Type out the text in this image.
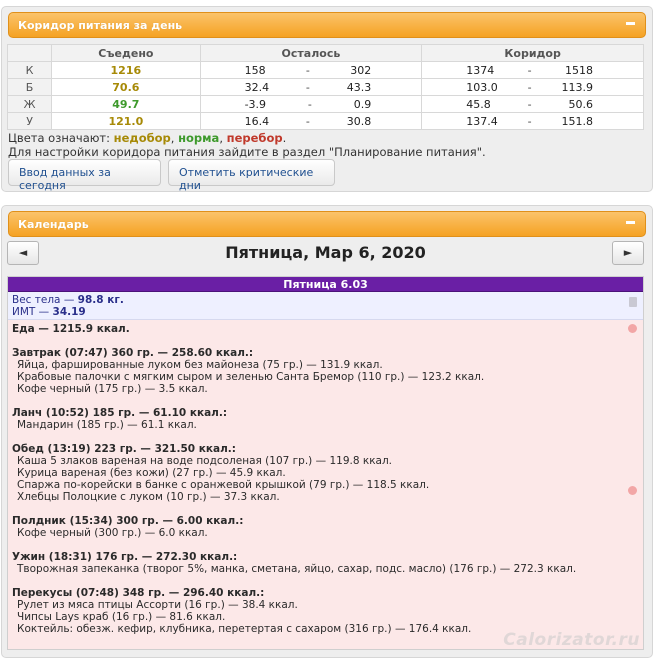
Коридор питания за день
	Съедено	Осталось	Коридор
К	1216	158 - 302	1374 - 1518

Б	70.6	32.4 - 43.3	103.0 - 113.9

Ж	49.7	-3.9 - 0.9	45.8 - 50.6

У	121.0	16.4 - 30.8	137.4 - 151.8
Цвета означают: недобор, норма, перебор.
Для настройки коридора питания зайдите в раздел "Планирование питания".
Ввод данных за сегодня
Отметить критические дни
Календарь
◄	Пятница, Мар 6, 2020	►
Пятница 6.03
Вес тела — 98.8 кг.
ИМТ — 34.19
Еда — 1215.9 ккал.
Завтрак (07:47) 360 гр. — 258.60 ккал.:
Яйца, фаршированные луком без майонеза (75 гр.) — 131.9 ккал.
Крабовые палочки с мягким сыром и зеленью Санта Бремор (110 гр.) — 123.2 ккал.
Кофе черный (175 гр.) — 3.5 ккал.
Ланч (10:52) 185 гр. — 61.10 ккал.:
Мандарин (185 гр.) — 61.1 ккал.
Обед (13:19) 223 гр. — 321.50 ккал.:
Каша 5 злаков вареная на воде подсоленая (107 гр.) — 119.8 ккал.
Курица вареная (без кожи) (27 гр.) — 45.9 ккал.
Спаржа по-корейски в банке с оранжевой крышкой (79 гр.) — 118.5 ккал.
Хлебцы Полоцкие с луком (10 гр.) — 37.3 ккал.
Полдник (15:34) 300 гр. — 6.00 ккал.:
Кофе черный (300 гр.) — 6.0 ккал.
Ужин (18:31) 176 гр. — 272.30 ккал.:
Творожная запеканка (творог 5%, манка, сметана, яйцо, сахар, подс. масло) (176 гр.) — 272.3 ккал.
Перекусы (07:48) 348 гр. — 296.40 ккал.:
Рулет из мяса птицы Ассорти (16 гр.) — 38.4 ккал.
Чипсы Lays краб (16 гр.) — 81.6 ккал.
Коктейль: обезж. кефир, клубника, перетертая с сахаром (316 гр.) — 176.4 ккал.
Calorizator.ru
